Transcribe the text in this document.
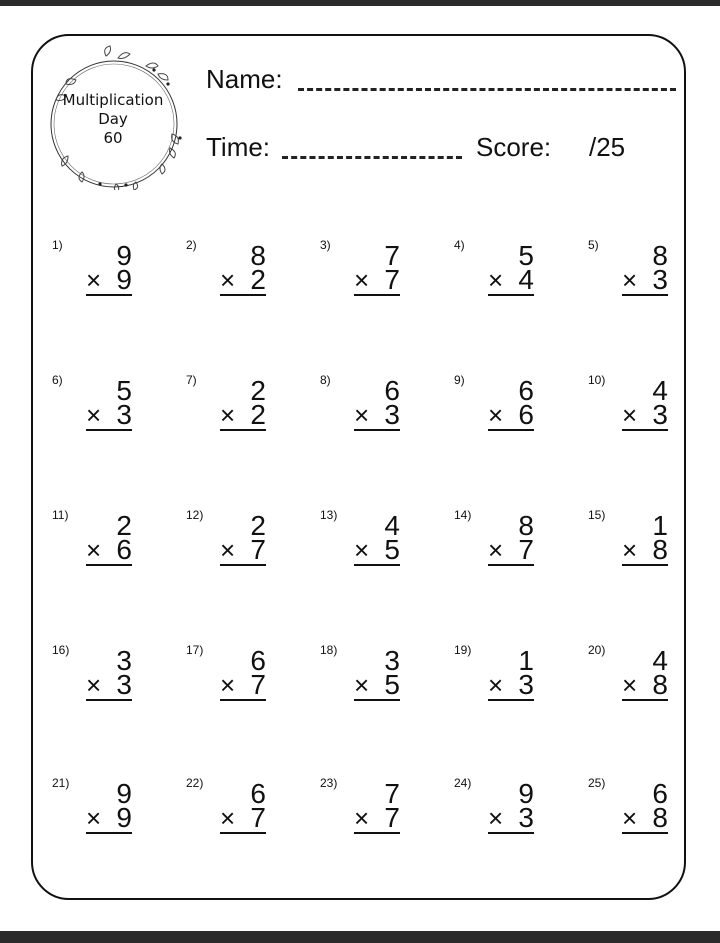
Multiplication
Day
60
Name:
Time:	Score: /25
1)	9
× 9
2)	8
× 2
3)	7
× 7
4)	5
× 4
5)	8
× 3
6)	5
× 3
7)	2
× 2
8)	6
× 3
9)	6
× 6
10)	4
× 3
11)	2
× 6
12)	2
× 7
13)	4
× 5
14)	8
× 7
15)	1
× 8
16)	3
× 3
17)	6
× 7
18)	3
× 5
19)	1
× 3
20)	4
× 8
21)	9
× 9
22)	6
× 7
23)	7
× 7
24)	9
× 3
25)	6
× 8
